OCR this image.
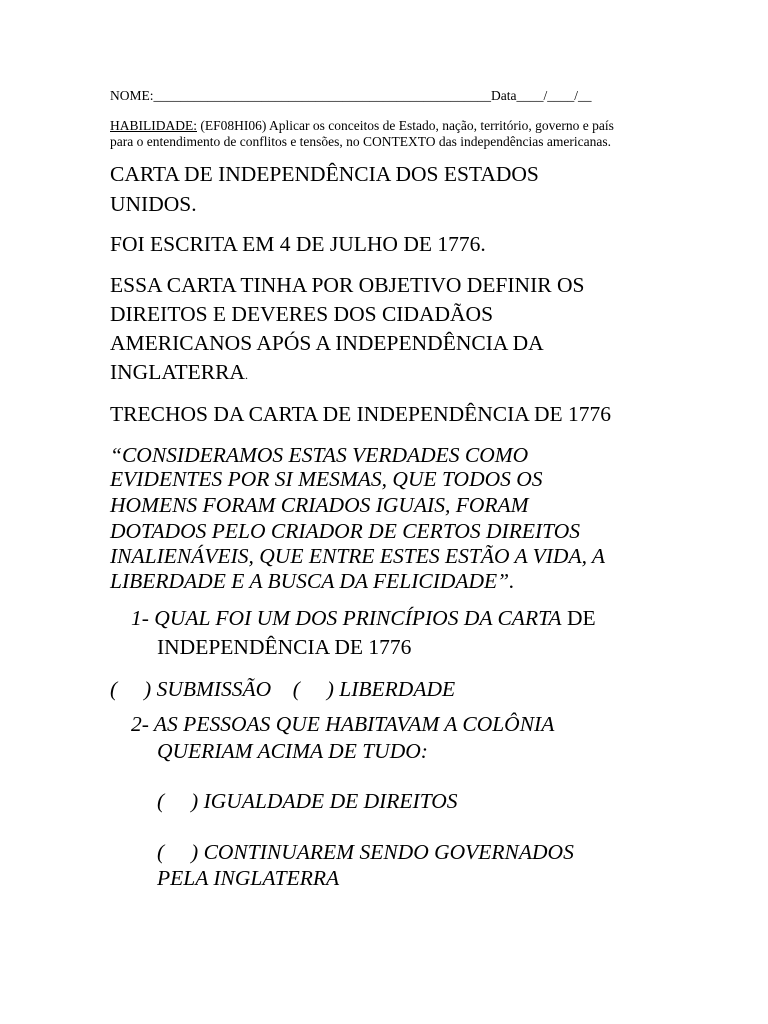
NOME:__________________________________________________Data____/____/__
HABILIDADE: (EF08HI06) Aplicar os conceitos de Estado, nação, território, governo e país
para o entendimento de conflitos e tensões, no CONTEXTO das independências americanas.
CARTA DE INDEPENDÊNCIA DOS ESTADOS
UNIDOS.
FOI ESCRITA EM 4 DE JULHO DE 1776.
ESSA CARTA TINHA POR OBJETIVO DEFINIR OS
DIREITOS E DEVERES DOS CIDADÃOS
AMERICANOS APÓS A INDEPENDÊNCIA DA
INGLATERRA.
TRECHOS DA CARTA DE INDEPENDÊNCIA DE 1776
“CONSIDERAMOS ESTAS VERDADES COMO
EVIDENTES POR SI MESMAS, QUE TODOS OS
HOMENS FORAM CRIADOS IGUAIS, FORAM
DOTADOS PELO CRIADOR DE CERTOS DIREITOS
INALIENÁVEIS, QUE ENTRE ESTES ESTÃO A VIDA, A
LIBERDADE E A BUSCA DA FELICIDADE”.
1- QUAL FOI UM DOS PRINCÍPIOS DA CARTA DE
INDEPENDÊNCIA DE 1776
(     ) SUBMISSÃO    (     ) LIBERDADE
2- AS PESSOAS QUE HABITAVAM A COLÔNIA
QUERIAM ACIMA DE TUDO:
(     ) IGUALDADE DE DIREITOS
(     ) CONTINUAREM SENDO GOVERNADOS
PELA INGLATERRA
